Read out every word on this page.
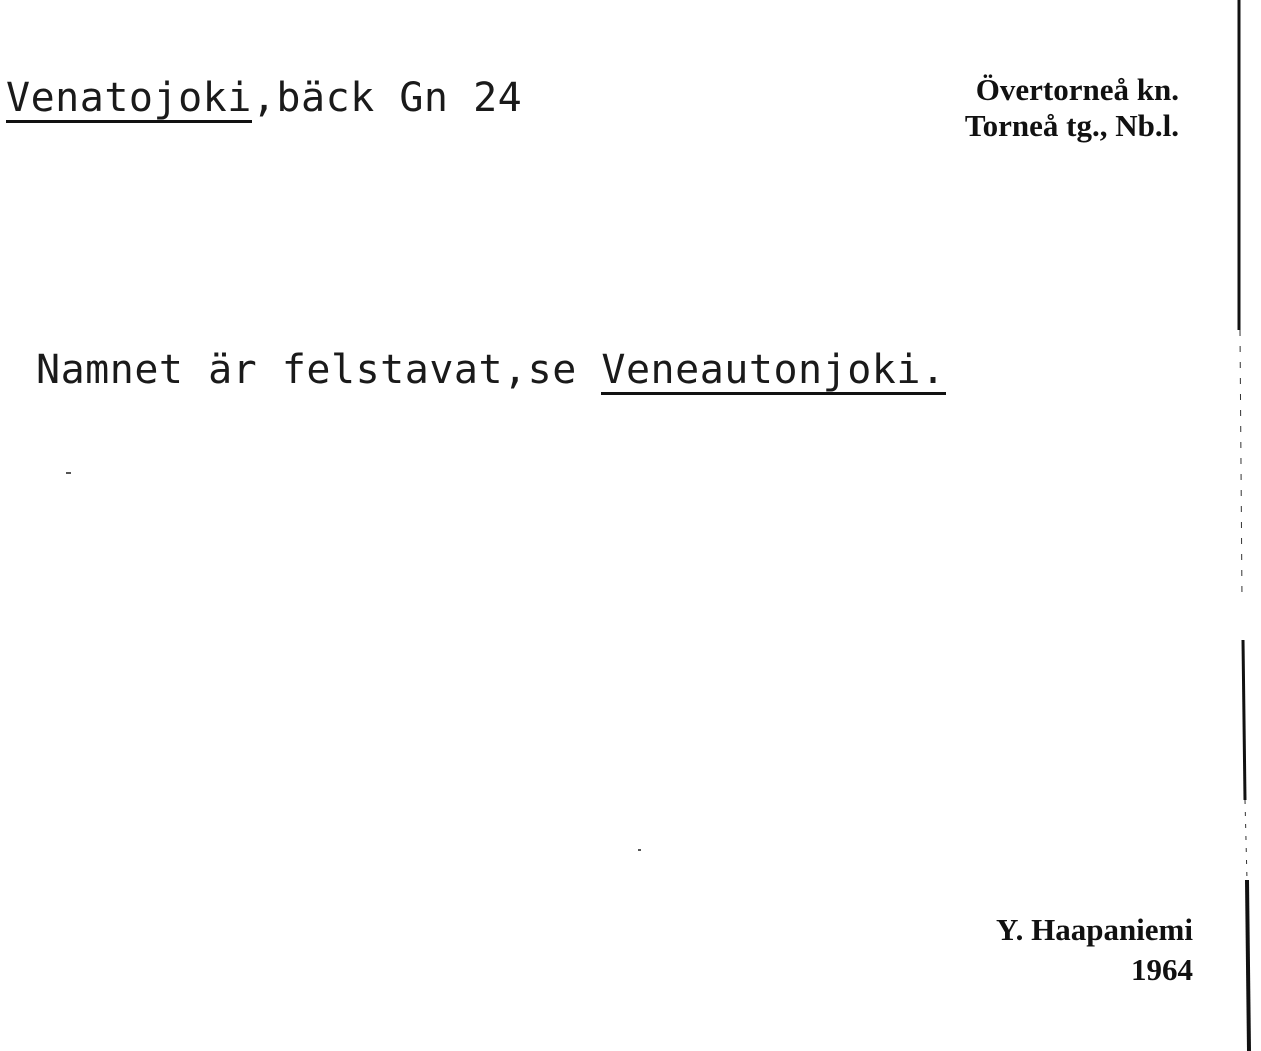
Venatojoki,bäck Gn 24	Övertorneå kn.
Torneå tg., Nb.l.
Namnet är felstavat,se Veneautonjoki.
Y. Haapaniemi
1964
